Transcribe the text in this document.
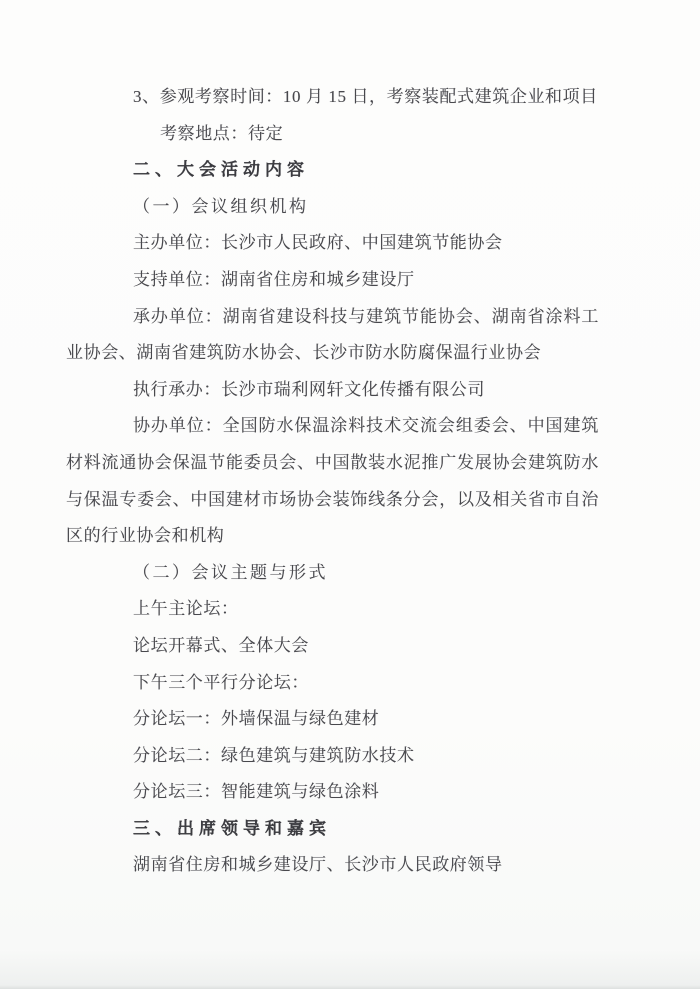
3、参观考察时间：10 月 15 日，考察装配式建筑企业和项目

考察地点：待定

二、大会活动内容

（一）会议组织机构

主办单位：长沙市人民政府、中国建筑节能协会

支持单位：湖南省住房和城乡建设厅

承办单位：湖南省建设科技与建筑节能协会、湖南省涂料工业协会、湖南省建筑防水协会、长沙市防水防腐保温行业协会

执行承办：长沙市瑞利网轩文化传播有限公司

协办单位：全国防水保温涂料技术交流会组委会、中国建筑材料流通协会保温节能委员会、中国散装水泥推广发展协会建筑防水与保温专委会、中国建材市场协会装饰线条分会，以及相关省市自治区的行业协会和机构

（二）会议主题与形式

上午主论坛：

论坛开幕式、全体大会

下午三个平行分论坛：

分论坛一：外墙保温与绿色建材

分论坛二：绿色建筑与建筑防水技术

分论坛三：智能建筑与绿色涂料

三、出席领导和嘉宾

湖南省住房和城乡建设厅、长沙市人民政府领导
